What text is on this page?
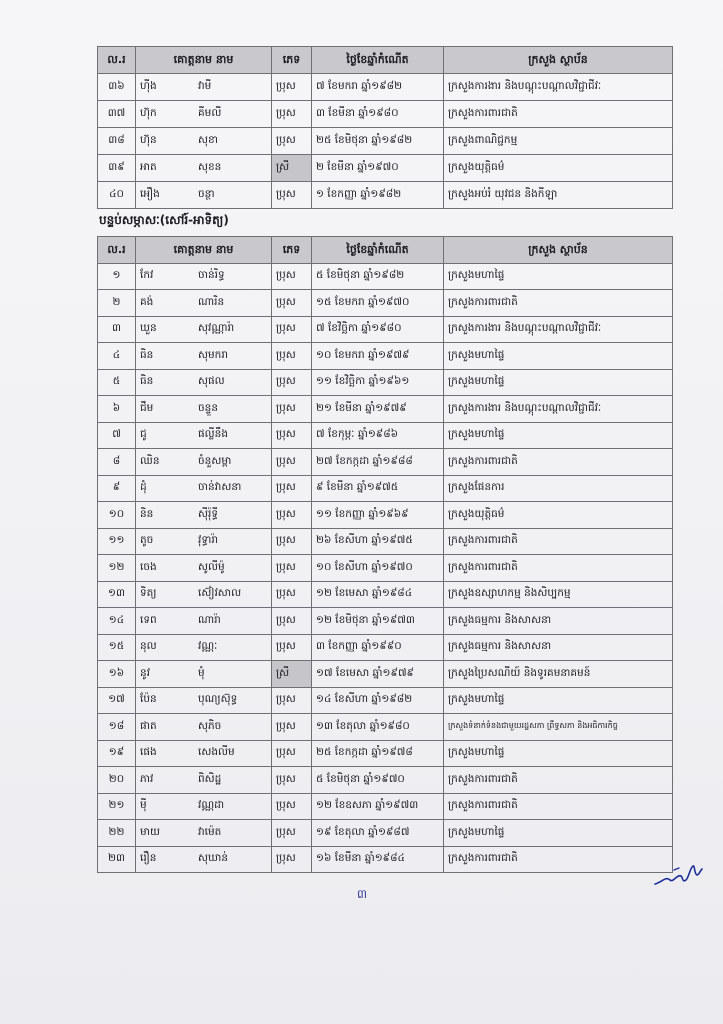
ល.រ	គោត្តនាម នាម	ភេទ	ថ្ងៃខែឆ្នាំកំណើត	ក្រសួង ស្ថាប័ន
៣៦	ហ៊ីង វាមី	ប្រុស	៧ ខែមករា ឆ្នាំ១៩៨២	ក្រសួងការងារ និងបណ្តុះបណ្តាលវិជ្ជាជីវៈ
៣៧	ហ៊ុក គីមលី	ប្រុស	៣ ខែមីនា ឆ្នាំ១៩៨០	ក្រសួងការពារជាតិ
៣៨	ហ៊ុន សុខា	ប្រុស	២៥ ខែមិថុនា ឆ្នាំ១៩៨២	ក្រសួងពាណិជ្ជកម្ម
៣៩	អាត សុខន	ស្រី	២ ខែមីនា ឆ្នាំ១៩៧០	ក្រសួងយុត្តិធម៌
៤០	អឿង ចន្ថា	ប្រុស	១ ខែកញ្ញា ឆ្នាំ១៩៨២	ក្រសួងអប់រំ យុវជន និងកីឡា
បន្ទប់សម្ភាសៈ(សៅរ៍-អាទិត្យ)
ល.រ	គោត្តនាម នាម	ភេទ	ថ្ងៃខែឆ្នាំកំណើត	ក្រសួង ស្ថាប័ន
១	កែវ ចាន់រិទ្ធ	ប្រុស	៥ ខែមិថុនា ឆ្នាំ១៩៨២	ក្រសួងមហាផ្ទៃ
២	គង់ ណារិន	ប្រុស	១៥ ខែមករា ឆ្នាំ១៩៧០	ក្រសួងការពារជាតិ
៣	ឃួន សុវណ្ណារ៉ា	ប្រុស	៧ ខែវិច្ឆិកា ឆ្នាំ១៩៨០	ក្រសួងការងារ និងបណ្តុះបណ្តាលវិជ្ជាជីវៈ
៤	ធិន សុមករា	ប្រុស	១០ ខែមករា ឆ្នាំ១៩៧៩	ក្រសួងមហាផ្ទៃ
៥	ធិន សុផល	ប្រុស	១១ ខែវិច្ឆិកា ឆ្នាំ១៩៦១	ក្រសួងមហាផ្ទៃ
៦	ជឹម ចន្ទួន	ប្រុស	២១ ខែមីនា ឆ្នាំ១៩៧៩	ក្រសួងការងារ និងបណ្តុះបណ្តាលវិជ្ជាជីវៈ
៧	ជូ ផល្លីនឹង	ប្រុស	៧ ខែកុម្ភៈ ឆ្នាំ១៩៨៦	ក្រសួងមហាផ្ទៃ
៨	ឈិន ចំនួសម្ពា	ប្រុស	២៧ ខែកក្កដា ឆ្នាំ១៩៨៨	ក្រសួងការពារជាតិ
៩	ដុំ ចាន់វាសនា	ប្រុស	៩ ខែមីនា ឆ្នាំ១៩៧៥	ក្រសួងផែនការ
១០	និន ស៊ីរ៉ុទ្ធី	ប្រុស	១១ ខែកញ្ញា ឆ្នាំ១៩៦៩	ក្រសួងយុត្តិធម៌
១១	តូច វុទ្ធារ៉ា	ប្រុស	២៦ ខែសីហា ឆ្នាំ១៩៧៥	ក្រសួងការពារជាតិ
១២	ចេង សូលីម៉ូ	ប្រុស	១០ ខែសីហា ឆ្នាំ១៩៧០	ក្រសួងការពារជាតិ
១៣	ទិត្យ ស៊ៀវសាល	ប្រុស	១២ ខែមេសា ឆ្នាំ១៩៨៤	ក្រសួងឧស្សាហកម្ម និងសិប្បកម្ម
១៤	ទេព ណារ៉ា	ប្រុស	១២ ខែមិថុនា ឆ្នាំ១៩៧៣	ក្រសួងធម្មការ និងសាសនា
១៥	នុល វណ្ណៈ	ប្រុស	៣ ខែកញ្ញា ឆ្នាំ១៩៩០	ក្រសួងធម្មការ និងសាសនា
១៦	នូវ មុំ	ស្រី	១៧ ខែមេសា ឆ្នាំ១៩៧៩	ក្រសួងប្រៃសណីយ៍ និងទូរគមនាគមន៍
១៧	ប៉ែន បុណ្យស៊ុទ្ធ	ប្រុស	១៤ ខែសីហា ឆ្នាំ១៩៨២	ក្រសួងមហាផ្ទៃ
១៨	ផាត សុភិច	ប្រុស	១៣ ខែតុលា ឆ្នាំ១៩៨០	ក្រសួងទំនាក់ទំនងជាមួយរដ្ឋសភា ព្រឹទ្ធសភា និងអធិការកិច្ច
១៩	ផេង សេងលីម	ប្រុស	២៥ ខែកក្កដា ឆ្នាំ១៩៧៨	ក្រសួងមហាផ្ទៃ
២០	ភាវ ពិសិដ្ឋ	ប្រុស	៥ ខែមិថុនា ឆ្នាំ១៩៧០	ក្រសួងការពារជាតិ
២១	ម៉ី វណ្ណដា	ប្រុស	១២ ខែឧសភា ឆ្នាំ១៩៧៣	ក្រសួងការពារជាតិ
២២	មាយ វាម៉េត	ប្រុស	១៩ ខែតុលា ឆ្នាំ១៩៨៧	ក្រសួងមហាផ្ទៃ
២៣	រឿន សុឃាន់	ប្រុស	១៦ ខែមីនា ឆ្នាំ១៩៨៤	ក្រសួងការពារជាតិ
៣
